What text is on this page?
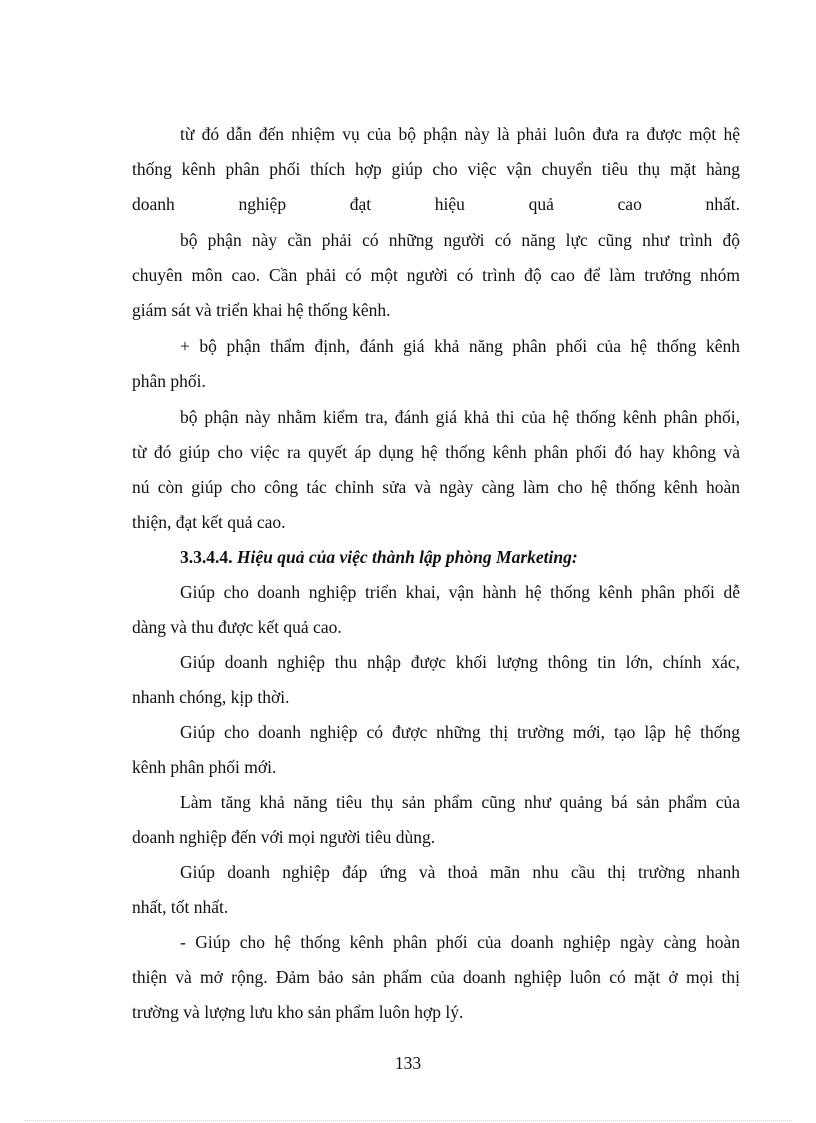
từ đó dẫn đến nhiệm vụ của bộ phận này là phải luôn đưa ra được một hệ
thống kênh phân phối thích hợp giúp cho việc vận chuyển tiêu thụ mặt hàng
doanh nghiệp đạt hiệu quả cao nhất.
bộ phận này cần phải có những người có năng lực cũng như trình độ
chuyên môn cao. Cần phải có một người có trình độ cao để làm trưởng nhóm
giám sát và triển khai hệ thống kênh.
+ bộ phận thẩm định, đánh giá khả năng phân phối của hệ thống kênh
phân phối.
bộ phận này nhằm kiểm tra, đánh giá khả thi của hệ thống kênh phân phối,
từ đó giúp cho việc ra quyết áp dụng hệ thống kênh phân phối đó hay không và
nú còn giúp cho công tác chỉnh sửa và ngày càng làm cho hệ thống kênh hoàn
thiện, đạt kết quả cao.
3.3.4.4. Hiệu quả của việc thành lập phòng Marketing:
Giúp cho doanh nghiệp triển khai, vận hành hệ thống kênh phân phối dễ
dàng và thu được kết quả cao.
Giúp doanh nghiệp thu nhập được khối lượng thông tin lớn, chính xác,
nhanh chóng, kịp thời.
Giúp cho doanh nghiệp có được những thị trường mới, tạo lập hệ thống
kênh phân phối mới.
Làm tăng khả năng tiêu thụ sản phẩm cũng như quảng bá sản phẩm của
doanh nghiệp đến với mọi người tiêu dùng.
Giúp doanh nghiệp đáp ứng và thoả mãn nhu cầu thị trường nhanh
nhất, tốt nhất.
- Giúp cho hệ thống kênh phân phối của doanh nghiệp ngày càng hoàn
thiện và mở rộng. Đảm bảo sản phẩm của doanh nghiệp luôn có mặt ở mọi thị
trường và lượng lưu kho sản phẩm luôn hợp lý.
133
